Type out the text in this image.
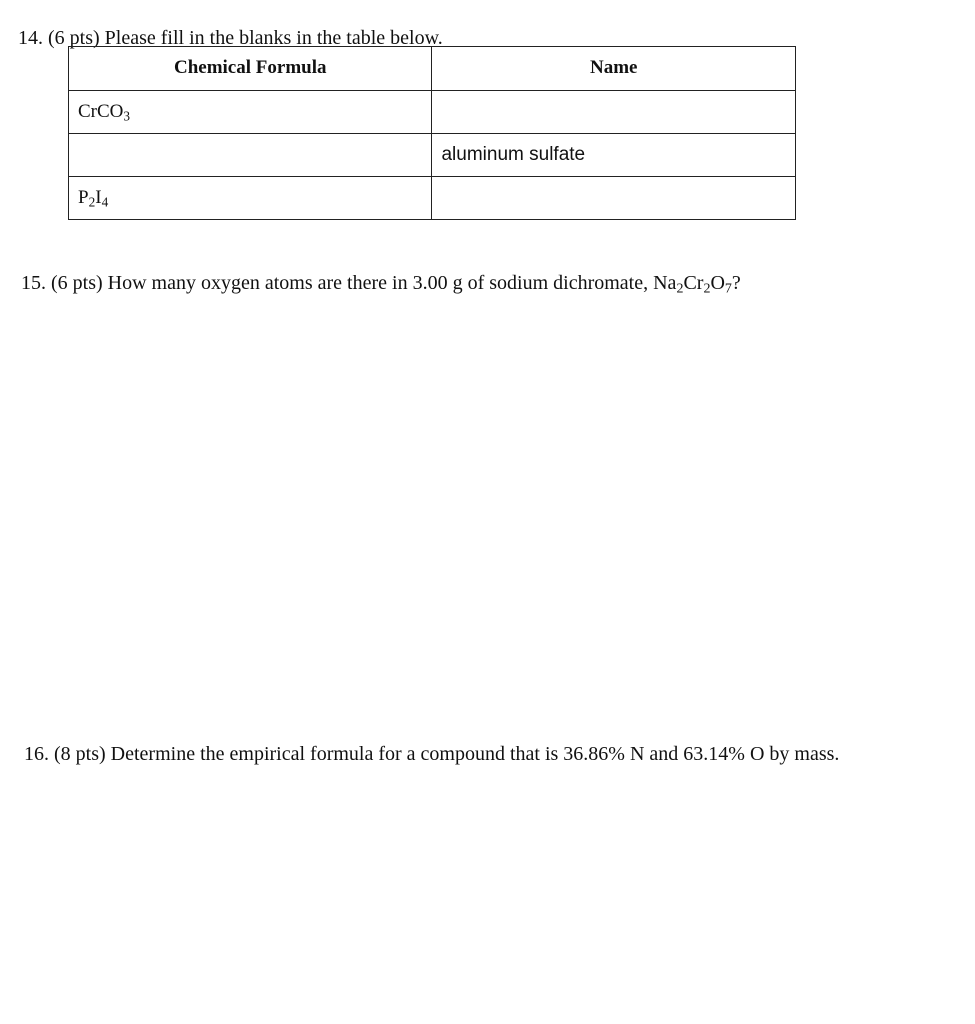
14. (6 pts) Please fill in the blanks in the table below.
Chemical Formula	Name
CrCO$_3$	
	aluminum sulfate
$P_2I_4$	
15. (6 pts) How many oxygen atoms are there in 3.00 g of sodium dichromate, $Na_2Cr_2O_7$?
16. (8 pts) Determine the empirical formula for a compound that is 36.86% N and 63.14% O by mass.
